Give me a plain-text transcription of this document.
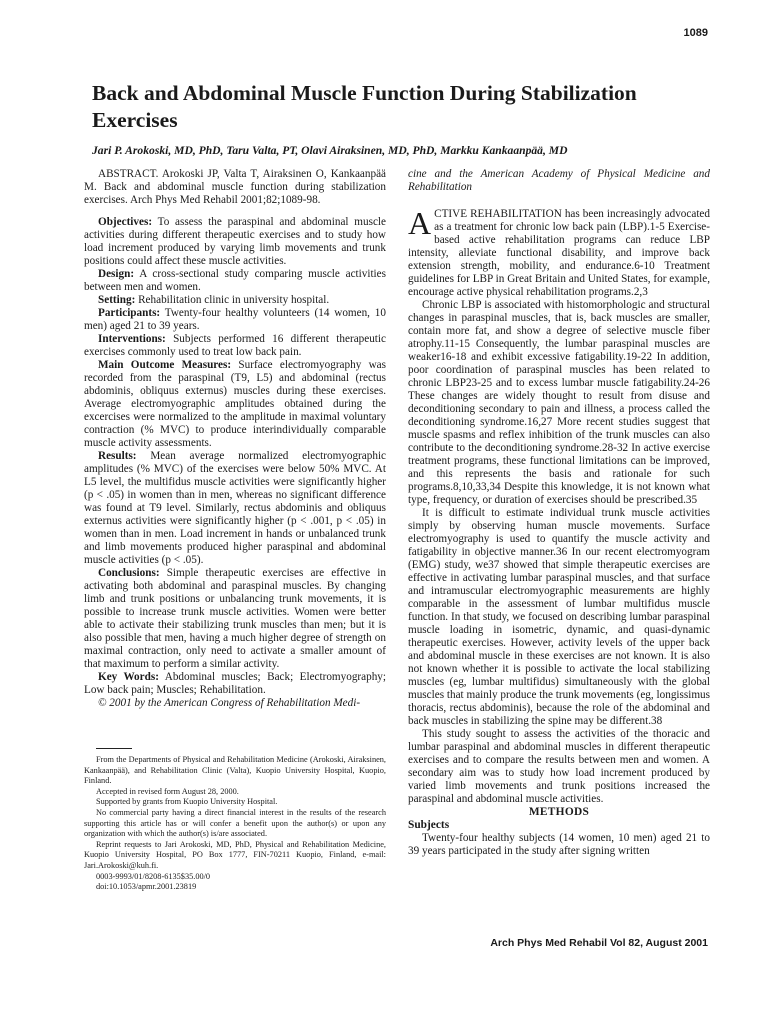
1089
Back and Abdominal Muscle Function During Stabilization Exercises
Jari P. Arokoski, MD, PhD, Taru Valta, PT, Olavi Airaksinen, MD, PhD, Markku Kankaanpää, MD

ABSTRACT. Arokoski JP, Valta T, Airaksinen O, Kankaanpää M. Back and abdominal muscle function during stabilization exercises. Arch Phys Med Rehabil 2001;82;1089-98.

Objectives: To assess the paraspinal and abdominal muscle activities during different therapeutic exercises and to study how load increment produced by varying limb movements and trunk positions could affect these muscle activities.

Design: A cross-sectional study comparing muscle activities between men and women.

Setting: Rehabilitation clinic in university hospital.

Participants: Twenty-four healthy volunteers (14 women, 10 men) aged 21 to 39 years.

Interventions: Subjects performed 16 different therapeutic exercises commonly used to treat low back pain.

Main Outcome Measures: Surface electromyography was recorded from the paraspinal (T9, L5) and abdominal (rectus abdominis, obliquus externus) muscles during these exercises. Average electromyographic amplitudes obtained during the excercises were normalized to the amplitude in maximal voluntary contraction (% MVC) to produce interindividually comparable muscle activity assessments.

Results: Mean average normalized electromyographic amplitudes (% MVC) of the exercises were below 50% MVC. At L5 level, the multifidus muscle activities were significantly higher (p < .05) in women than in men, whereas no significant difference was found at T9 level. Similarly, rectus abdominis and obliquus externus activities were significantly higher (p < .001, p < .05) in women than in men. Load increment in hands or unbalanced trunk and limb movements produced higher paraspinal and abdominal muscle activities (p < .05).

Conclusions: Simple therapeutic exercises are effective in activating both abdominal and paraspinal muscles. By changing limb and trunk positions or unbalancing trunk movements, it is possible to increase trunk muscle activities. Women were better able to activate their stabilizing trunk muscles than men; but it is also possible that men, having a much higher degree of strength on maximal contraction, only need to activate a smaller amount of that maximum to perform a similar activity.

Key Words: Abdominal muscles; Back; Electromyography; Low back pain; Muscles; Rehabilitation.

© 2001 by the American Congress of Rehabilitation Medi-

From the Departments of Physical and Rehabilitation Medicine (Arokoski, Airaksinen, Kankaanpää), and Rehabilitation Clinic (Valta), Kuopio University Hospital, Kuopio, Finland.

Accepted in revised form August 28, 2000.

Supported by grants from Kuopio University Hospital.

No commercial party having a direct financial interest in the results of the research supporting this article has or will confer a benefit upon the author(s) or upon any organization with which the author(s) is/are associated.

Reprint requests to Jari Arokoski, MD, PhD, Physical and Rehabilitation Medicine, Kuopio University Hospital, PO Box 1777, FIN-70211 Kuopio, Finland, e-mail: Jari.Arokoski@kuh.fi.

0003-9993/01/8208-6135$35.00/0

doi:10.1053/apmr.2001.23819

cine and the American Academy of Physical Medicine and Rehabilitation

ACTIVE REHABILITATION has been increasingly advocated as a treatment for chronic low back pain (LBP).1-5 Exercise-based active rehabilitation programs can reduce LBP intensity, alleviate functional disability, and improve back extension strength, mobility, and endurance.6-10 Treatment guidelines for LBP in Great Britain and United States, for example, encourage active physical rehabilitation programs.2,3

Chronic LBP is associated with histomorphologic and structural changes in paraspinal muscles, that is, back muscles are smaller, contain more fat, and show a degree of selective muscle fiber atrophy.11-15 Consequently, the lumbar paraspinal muscles are weaker16-18 and exhibit excessive fatigability.19-22 In addition, poor coordination of paraspinal muscles has been related to chronic LBP23-25 and to excess lumbar muscle fatigability.24-26 These changes are widely thought to result from disuse and deconditioning secondary to pain and illness, a process called the deconditioning syndrome.16,27 More recent studies suggest that muscle spasms and reflex inhibition of the trunk muscles can also contribute to the deconditioning syndrome.28-32 In active exercise treatment programs, these functional limitations can be improved, and this represents the basis and rationale for such programs.8,10,33,34 Despite this knowledge, it is not known what type, frequency, or duration of exercises should be prescribed.35

It is difficult to estimate individual trunk muscle activities simply by observing human muscle movements. Surface electromyography is used to quantify the muscle activity and fatigability in objective manner.36 In our recent electromyogram (EMG) study, we37 showed that simple therapeutic exercises are effective in activating lumbar paraspinal muscles, and that surface and intramuscular electromyographic measurements are highly comparable in the assessment of lumbar multifidus muscle function. In that study, we focused on describing lumbar paraspinal muscle loading in isometric, dynamic, and quasi-dynamic therapeutic exercises. However, activity levels of the upper back and abdominal muscle in these exercises are not known. It is also not known whether it is possible to activate the local stabilizing muscles (eg, lumbar multifidus) simultaneously with the global muscles that mainly produce the trunk movements (eg, longissimus thoracis, rectus abdominis), because the role of the abdominal and back muscles in stabilizing the spine may be different.38

This study sought to assess the activities of the thoracic and lumbar paraspinal and abdominal muscles in different therapeutic exercises and to compare the results between men and women. A secondary aim was to study how load increment produced by varied limb movements and trunk positions increased the paraspinal and abdominal muscle activities.

METHODS

Subjects

Twenty-four healthy subjects (14 women, 10 men) aged 21 to 39 years participated in the study after signing written

Arch Phys Med Rehabil Vol 82, August 2001
